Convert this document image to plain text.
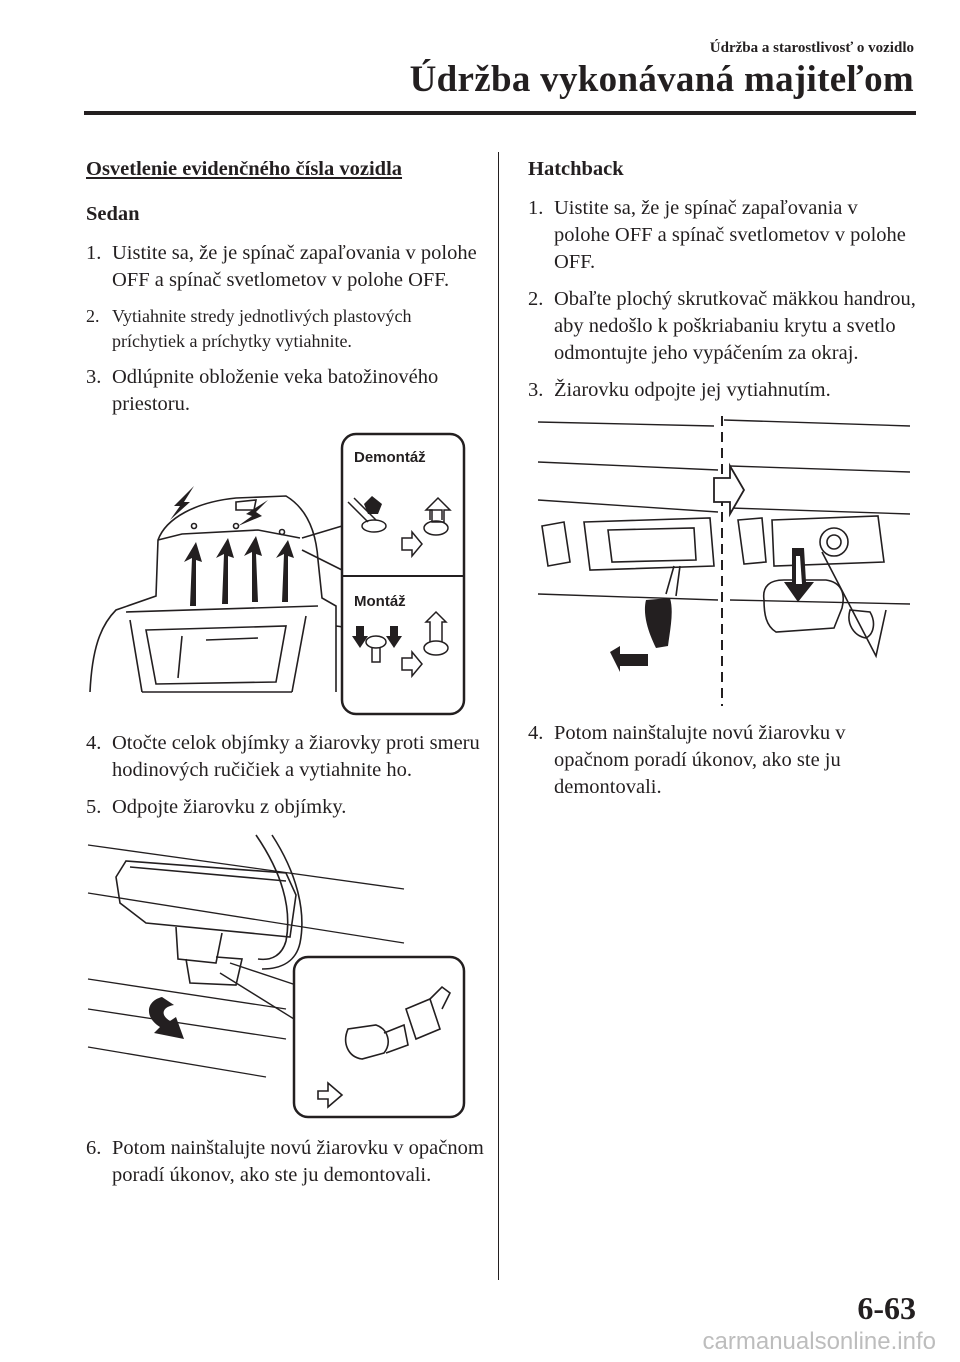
Údržba a starostlivosť o vozidlo
Údržba vykonávaná majiteľom
Osvetlenie evidenčného čísla vozidla
Sedan
1. Uistite sa, že je spínač zapaľovania v polohe OFF a spínač svetlometov v polohe OFF.
2. Vytiahnite stredy jednotlivých plastových príchytiek a príchytky vytiahnite.
3. Odlúpnite obloženie veka batožinového priestoru.
Demontáž
Montáž
4. Otočte celok objímky a žiarovky proti smeru hodinových ručičiek a vytiahnite ho.
5. Odpojte žiarovku z objímky.
6. Potom nainštalujte novú žiarovku v opačnom poradí úkonov, ako ste ju demontovali.
Hatchback
1. Uistite sa, že je spínač zapaľovania v polohe OFF a spínač svetlometov v polohe OFF.
2. Obaľte plochý skrutkovač mäkkou handrou, aby nedošlo k poškriabaniu krytu a svetlo odmontujte jeho vypáčením za okraj.
3. Žiarovku odpojte jej vytiahnutím.
4. Potom nainštalujte novú žiarovku v opačnom poradí úkonov, ako ste ju demontovali.
6-63
carmanualsonline.info
